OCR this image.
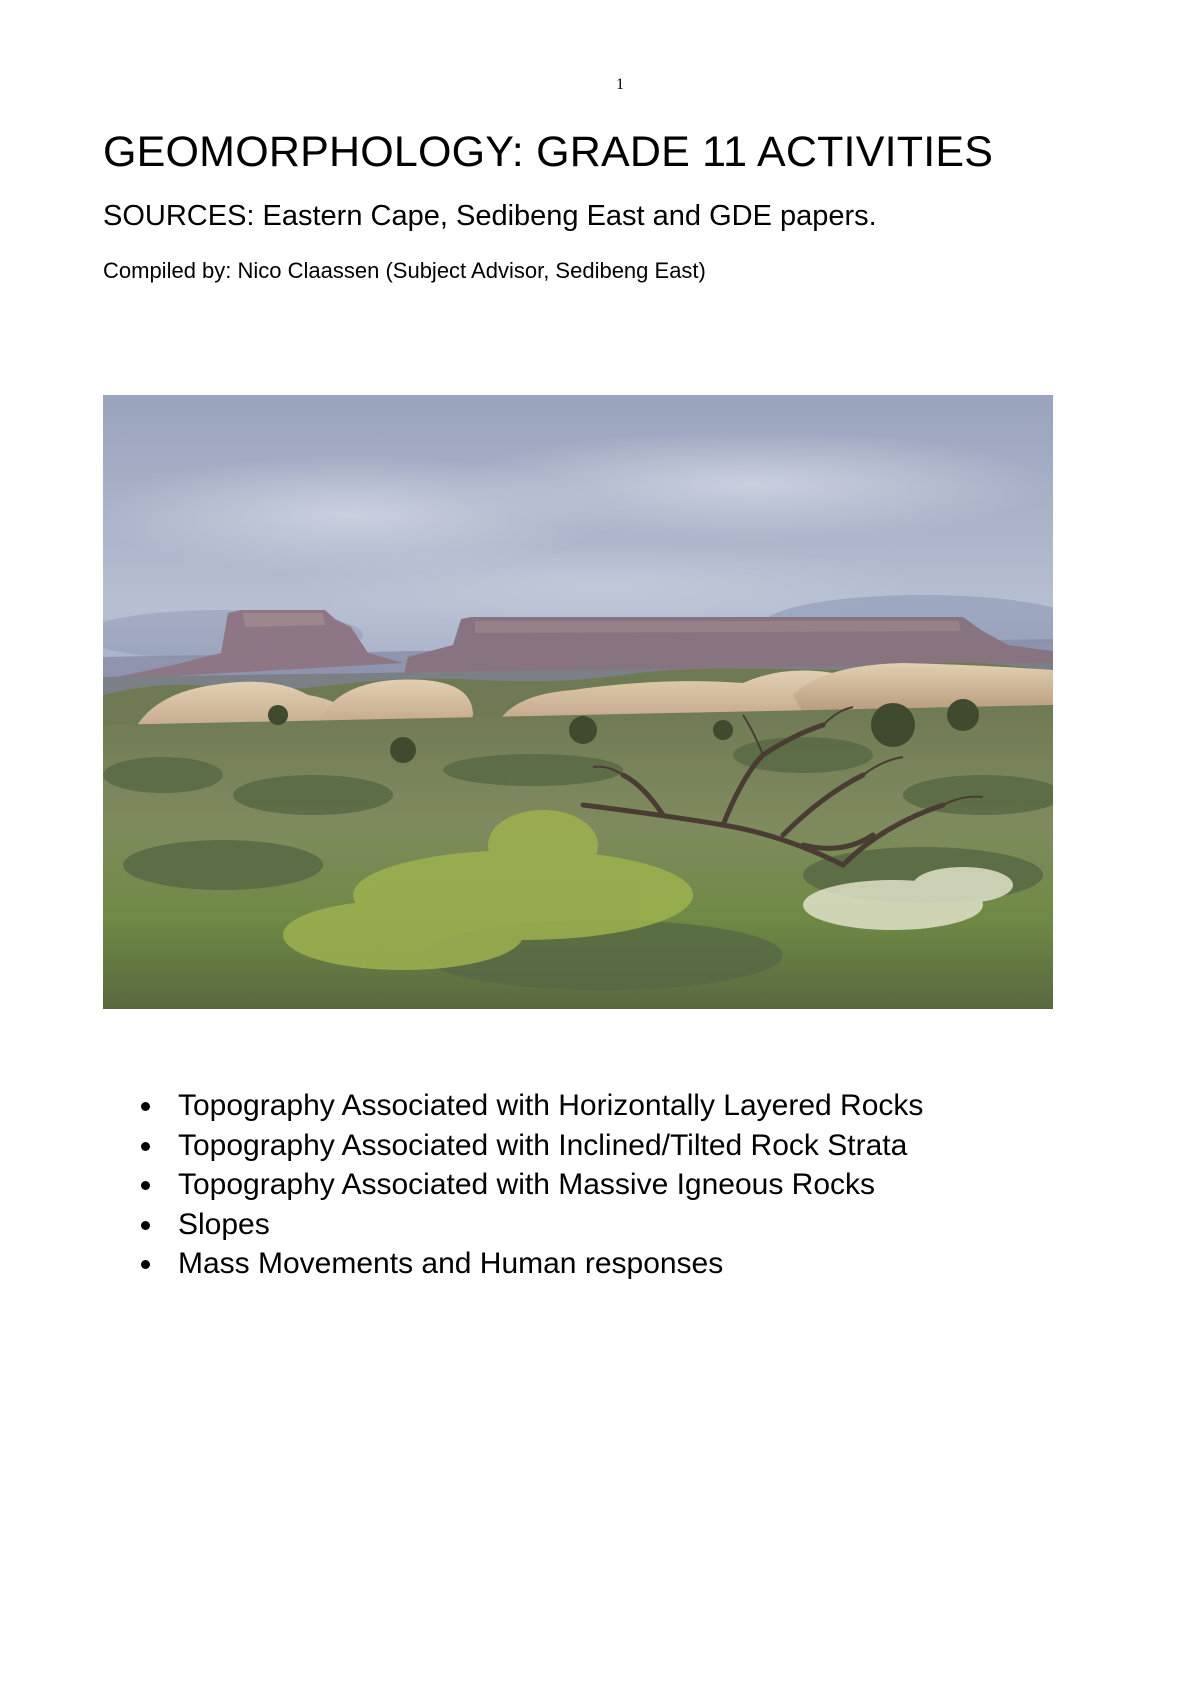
1
GEOMORPHOLOGY: GRADE 11 ACTIVITIES

SOURCES: Eastern Cape, Sedibeng East and GDE papers.

Compiled by: Nico Claassen (Subject Advisor, Sedibeng East)

Topography Associated with Horizontally Layered Rocks
Topography Associated with Inclined/Tilted Rock Strata
Topography Associated with Massive Igneous Rocks
Slopes
Mass Movements and Human responses
